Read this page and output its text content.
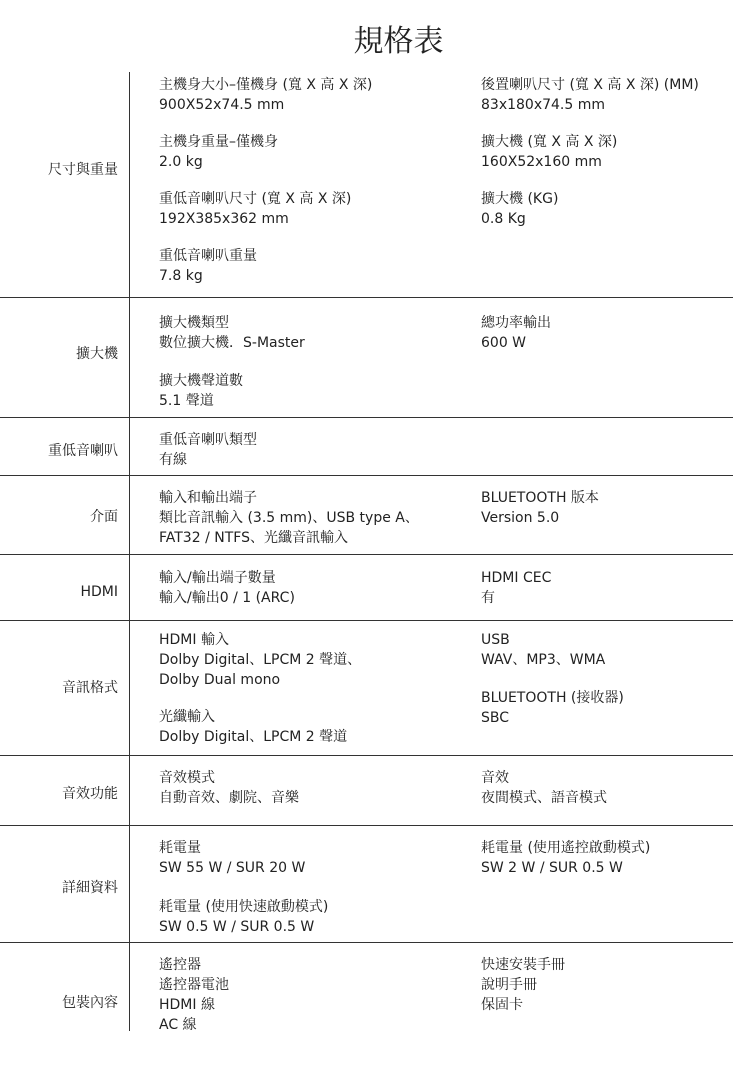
規格表
尺寸與重量
主機身大小–僅機身 (寬 X 高 X 深)
900X52x74.5 mm
主機身重量–僅機身
2.0 kg
重低音喇叭尺寸 (寬 X 高 X 深)
192X385x362 mm
重低音喇叭重量
7.8 kg
後置喇叭尺寸 (寬 X 高 X 深) (MM)
83x180x74.5 mm
擴大機 (寬 X 高 X 深)
160X52x160 mm
擴大機 (KG)
0.8 Kg
擴大機
擴大機類型
數位擴大機．S-Master
擴大機聲道數
5.1 聲道
總功率輸出
600 W
重低音喇叭
重低音喇叭類型
有線
介面
輸入和輸出端子
類比音訊輸入 (3.5 mm)、USB type A、
FAT32 / NTFS、光纖音訊輸入
BLUETOOTH 版本
Version 5.0
HDMI
輸入/輸出端子數量
輸入/輸出0 / 1 (ARC)
HDMI CEC
有
音訊格式
HDMI 輸入
Dolby Digital、LPCM 2 聲道、
Dolby Dual mono
光纖輸入
Dolby Digital、LPCM 2 聲道
USB
WAV、MP3、WMA
BLUETOOTH (接收器)
SBC
音效功能
音效模式
自動音效、劇院、音樂
音效
夜間模式、語音模式
詳細資料
耗電量
SW 55 W / SUR 20 W
耗電量 (使用快速啟動模式)
SW 0.5 W / SUR 0.5 W
耗電量 (使用遙控啟動模式)
SW 2 W / SUR 0.5 W
包裝內容
遙控器
遙控器電池
HDMI 線
AC 線
快速安裝手冊
說明手冊
保固卡
